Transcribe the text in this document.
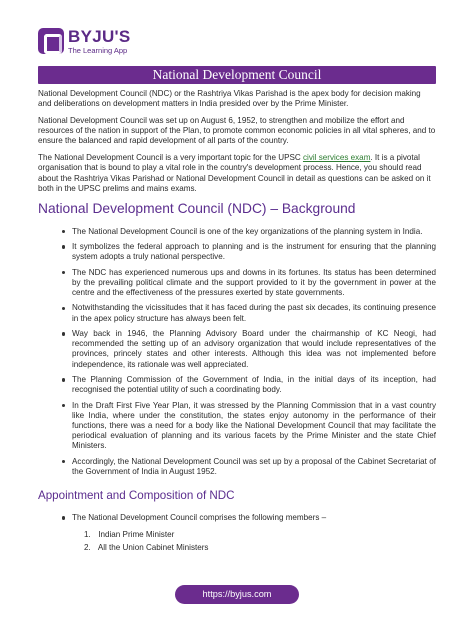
BYJU'S
The Learning App
National Development Council

National Development Council (NDC) or the Rashtriya Vikas Parishad is the apex body for decision making and deliberations on development matters in India presided over by the Prime Minister.

National Development Council was set up on August 6, 1952, to strengthen and mobilize the effort and resources of the nation in support of the Plan, to promote common economic policies in all vital spheres, and to ensure the balanced and rapid development of all parts of the country.

The National Development Council is a very important topic for the UPSC civil services exam. It is a pivotal organisation that is bound to play a vital role in the country's development process. Hence, you should read about the Rashtriya Vikas Parishad or National Development Council in detail as questions can be asked on it both in the UPSC prelims and mains exams.

National Development Council (NDC) – Background
The National Development Council is one of the key organizations of the planning system in India.
It symbolizes the federal approach to planning and is the instrument for ensuring that the planning system adopts a truly national perspective.
The NDC has experienced numerous ups and downs in its fortunes. Its status has been determined by the prevailing political climate and the support provided to it by the government in power at the centre and the effectiveness of the pressures exerted by state governments.
Notwithstanding the vicissitudes that it has faced during the past six decades, its continuing presence in the apex policy structure has always been felt.
Way back in 1946, the Planning Advisory Board under the chairmanship of KC Neogi, had recommended the setting up of an advisory organization that would include representatives of the provinces, princely states and other interests. Although this idea was not implemented before independence, its rationale was well appreciated.
The Planning Commission of the Government of India, in the initial days of its inception, had recognised the potential utility of such a coordinating body.
In the Draft First Five Year Plan, it was stressed by the Planning Commission that in a vast country like India, where under the constitution, the states enjoy autonomy in the performance of their functions, there was a need for a body like the National Development Council that may facilitate the periodical evaluation of planning and its various facets by the Prime Minister and the state Chief Ministers.
Accordingly, the National Development Council was set up by a proposal of the Cabinet Secretariat of the Government of India in August 1952.
Appointment and Composition of NDC
The National Development Council comprises the following members –
1. Indian Prime Minister
2. All the Union Cabinet Ministers
https://byjus.com
